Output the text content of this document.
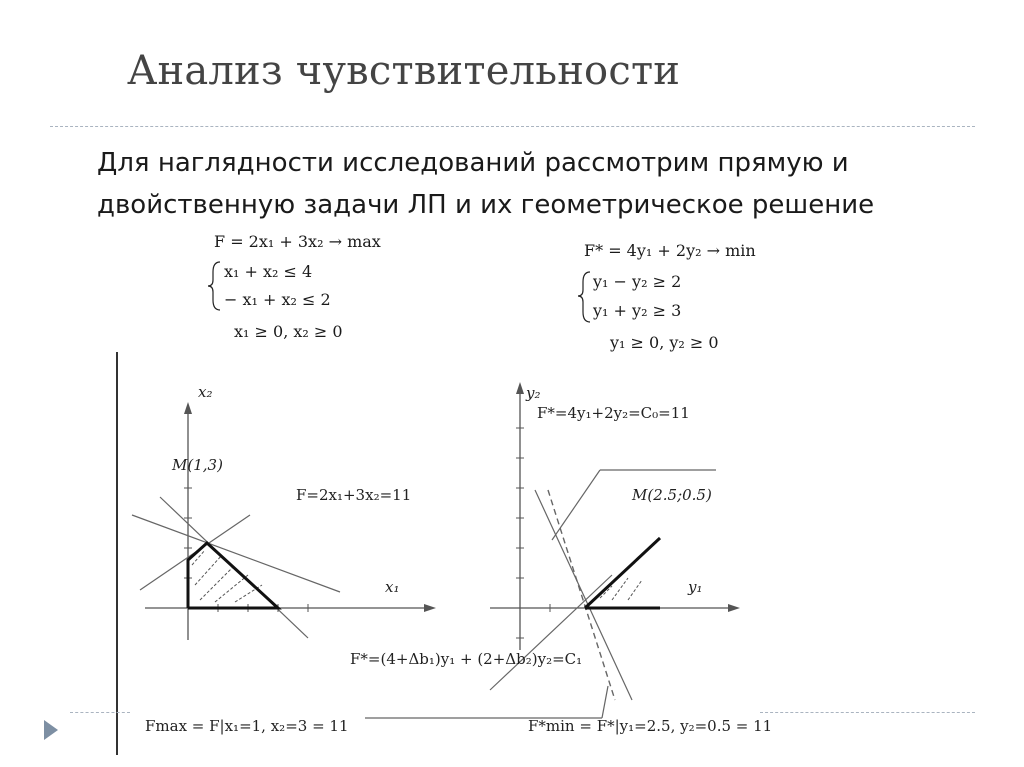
Анализ чувствительности
Для наглядности исследований рассмотрим прямую и
двойственную задачи ЛП и их геометрическое решение
F = 2x₁ + 3x₂ → max
x₁ + x₂ ≤ 4
− x₁ + x₂ ≤ 2
x₁ ≥ 0, x₂ ≥ 0
F* = 4y₁ + 2y₂ → min
y₁ − y₂ ≥ 2
y₁ + y₂ ≥ 3
y₁ ≥ 0, y₂ ≥ 0
x₂
x₁
M(1,3)
F=2x₁+3x₂=11
Fmax = F|x₁=1, x₂=3 = 11
y₂
y₁
F*=4y₁+2y₂=C₀=11
M(2.5;0.5)
F*=(4+Δb₁)y₁ + (2+Δb₂)y₂=C₁
F*min = F*|y₁=2.5, y₂=0.5 = 11
